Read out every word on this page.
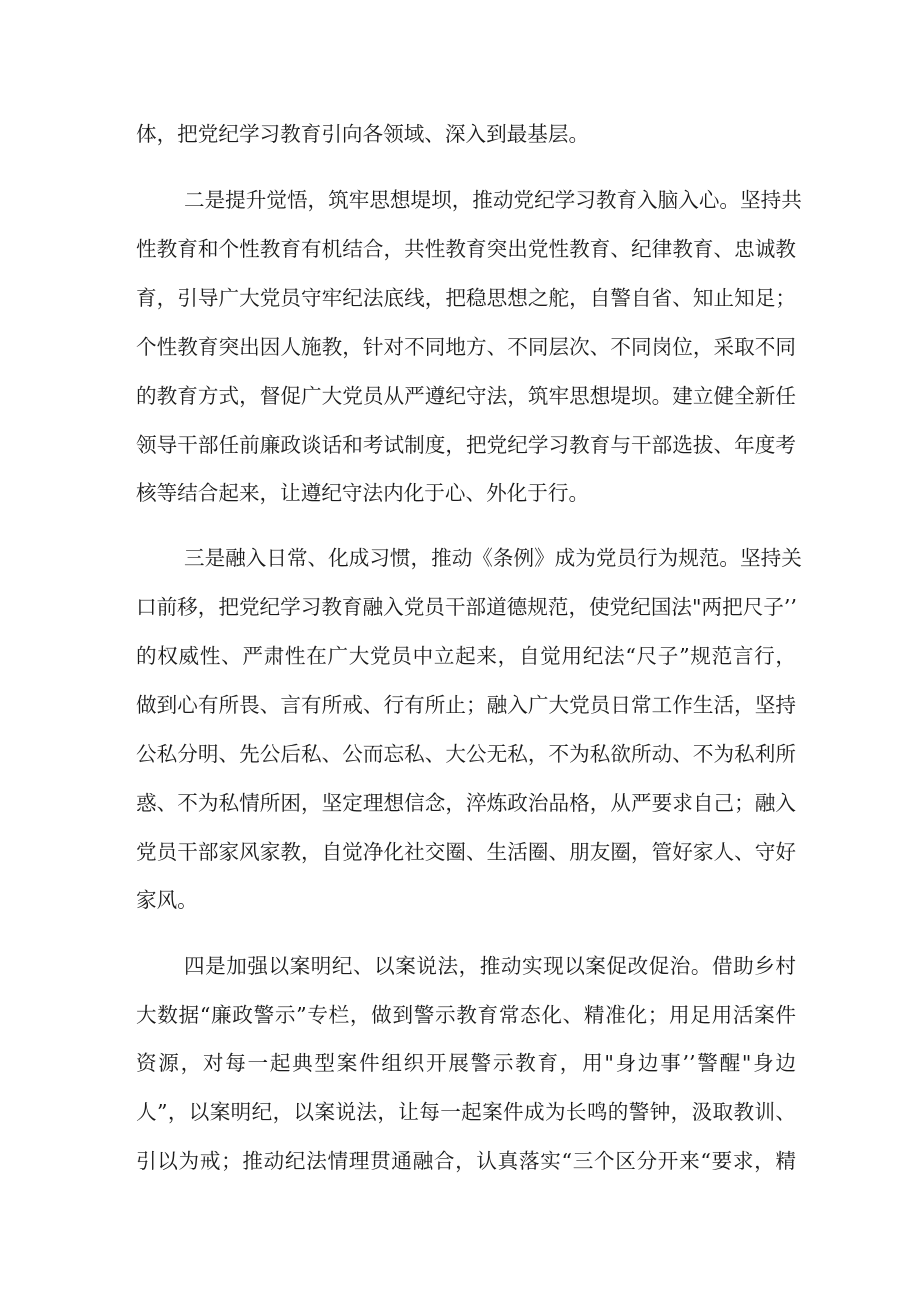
体，把党纪学习教育引向各领域、深入到最基层。

二是提升觉悟，筑牢思想堤坝，推动党纪学习教育入脑入心。坚持共

性教育和个性教育有机结合，共性教育突出党性教育、纪律教育、忠诚教

育，引导广大党员守牢纪法底线，把稳思想之舵，自警自省、知止知足；

个性教育突出因人施教，针对不同地方、不同层次、不同岗位，采取不同

的教育方式，督促广大党员从严遵纪守法，筑牢思想堤坝。建立健全新任

领导干部任前廉政谈话和考试制度，把党纪学习教育与干部选拔、年度考

核等结合起来，让遵纪守法内化于心、外化于行。

三是融入日常、化成习惯，推动《条例》成为党员行为规范。坚持关

口前移，把党纪学习教育融入党员干部道德规范，使党纪国法"两把尺子’’

的权威性、严肃性在广大党员中立起来，自觉用纪法“尺子”规范言行，

做到心有所畏、言有所戒、行有所止；融入广大党员日常工作生活，坚持

公私分明、先公后私、公而忘私、大公无私，不为私欲所动、不为私利所

惑、不为私情所困，坚定理想信念，淬炼政治品格，从严要求自己；融入

党员干部家风家教，自觉净化社交圈、生活圈、朋友圈，管好家人、守好

家风。

四是加强以案明纪、以案说法，推动实现以案促改促治。借助乡村

大数据“廉政警示”专栏，做到警示教育常态化、精准化；用足用活案件

资源，对每一起典型案件组织开展警示教育，用"身边事’’警醒"身边

人”，以案明纪，以案说法，让每一起案件成为长鸣的警钟，汲取教训、

引以为戒；推动纪法情理贯通融合，认真落实“三个区分开来“要求，精
